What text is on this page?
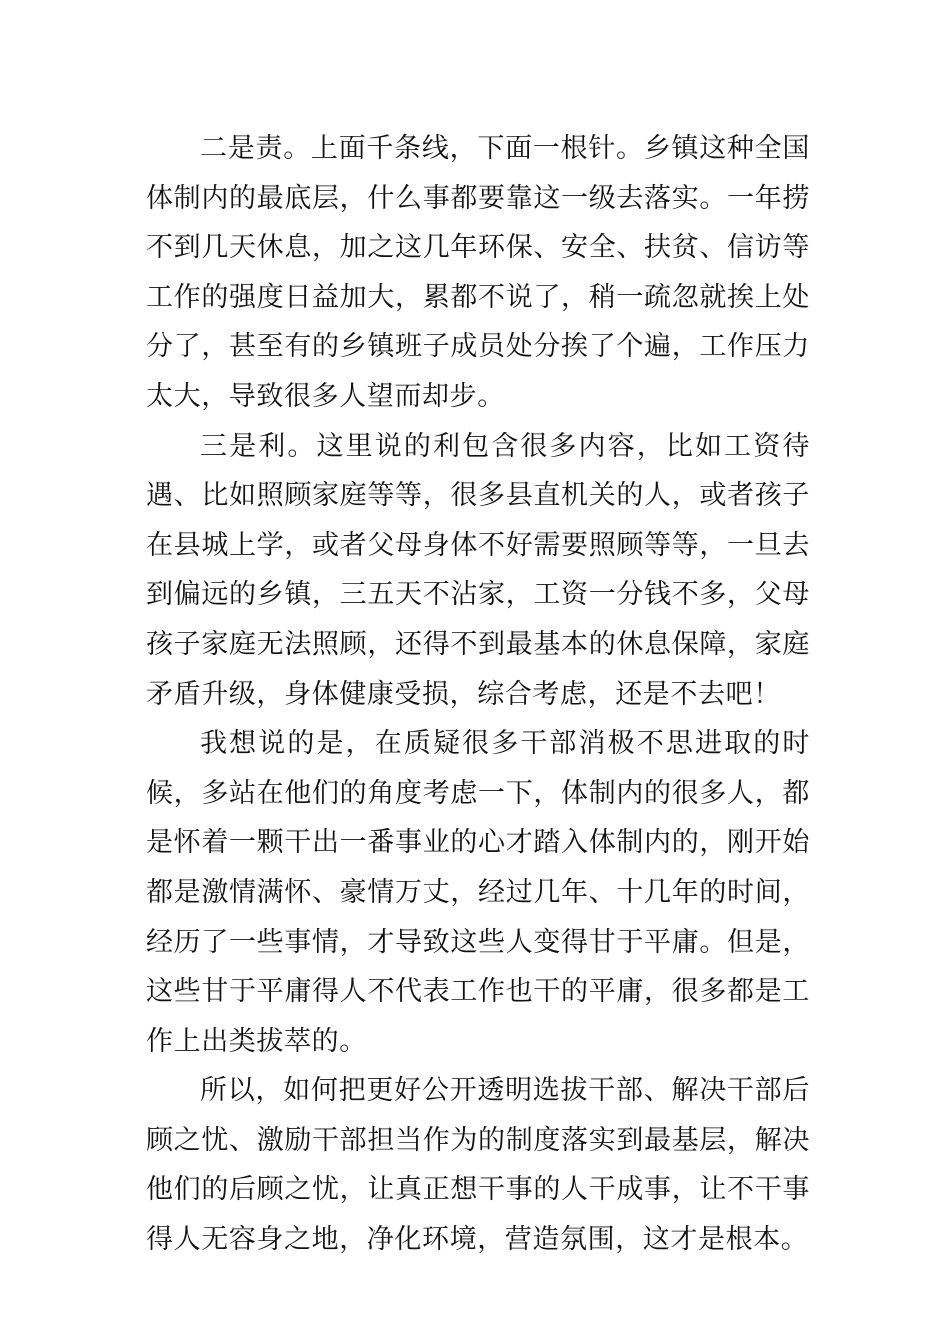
二是责。上面千条线，下面一根针。乡镇这种全国体制内的最底层，什么事都要靠这一级去落实。一年捞不到几天休息，加之这几年环保、安全、扶贫、信访等工作的强度日益加大，累都不说了，稍一疏忽就挨上处分了，甚至有的乡镇班子成员处分挨了个遍，工作压力太大，导致很多人望而却步。

三是利。这里说的利包含很多内容，比如工资待遇、比如照顾家庭等等，很多县直机关的人，或者孩子在县城上学，或者父母身体不好需要照顾等等，一旦去到偏远的乡镇，三五天不沾家，工资一分钱不多，父母孩子家庭无法照顾，还得不到最基本的休息保障，家庭矛盾升级，身体健康受损，综合考虑，还是不去吧！

我想说的是，在质疑很多干部消极不思进取的时候，多站在他们的角度考虑一下，体制内的很多人，都是怀着一颗干出一番事业的心才踏入体制内的，刚开始都是激情满怀、豪情万丈，经过几年、十几年的时间，经历了一些事情，才导致这些人变得甘于平庸。但是，这些甘于平庸得人不代表工作也干的平庸，很多都是工作上出类拔萃的。

所以，如何把更好公开透明选拔干部、解决干部后顾之忧、激励干部担当作为的制度落实到最基层，解决他们的后顾之忧，让真正想干事的人干成事，让不干事得人无容身之地，净化环境，营造氛围，这才是根本。
